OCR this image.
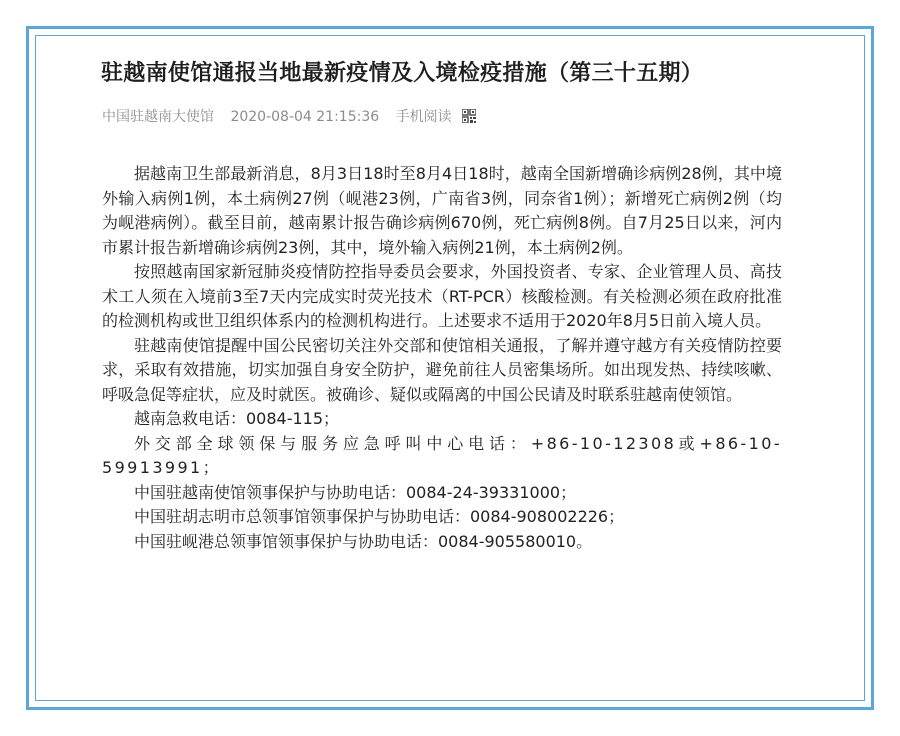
驻越南使馆通报当地最新疫情及入境检疫措施（第三十五期）
中国驻越南大使馆 2020-08-04 21:15:36 手机阅读

据越南卫生部最新消息，8月3日18时至8月4日18时，越南全国新增确诊病例28例，其中境外输入病例1例，本土病例27例（岘港23例，广南省3例，同奈省1例）；新增死亡病例2例（均为岘港病例）。截至目前，越南累计报告确诊病例670例，死亡病例8例。自7月25日以来，河内市累计报告新增确诊病例23例，其中，境外输入病例21例，本土病例2例。

按照越南国家新冠肺炎疫情防控指导委员会要求，外国投资者、专家、企业管理人员、高技术工人须在入境前3至7天内完成实时荧光技术（RT-PCR）核酸检测。有关检测必须在政府批准的检测机构或世卫组织体系内的检测机构进行。上述要求不适用于2020年8月5日前入境人员。

驻越南使馆提醒中国公民密切关注外交部和使馆相关通报，了解并遵守越方有关疫情防控要求，采取有效措施，切实加强自身安全防护，避免前往人员密集场所。如出现发热、持续咳嗽、呼吸急促等症状，应及时就医。被确诊、疑似或隔离的中国公民请及时联系驻越南使领馆。

越南急救电话：0084-115；

外交部全球领保与服务应急呼叫中心电话：+86-10-12308或+86-10-59913991；

中国驻越南使馆领事保护与协助电话：0084-24-39331000；

中国驻胡志明市总领事馆领事保护与协助电话：0084-908002226；

中国驻岘港总领事馆领事保护与协助电话：0084-905580010。
